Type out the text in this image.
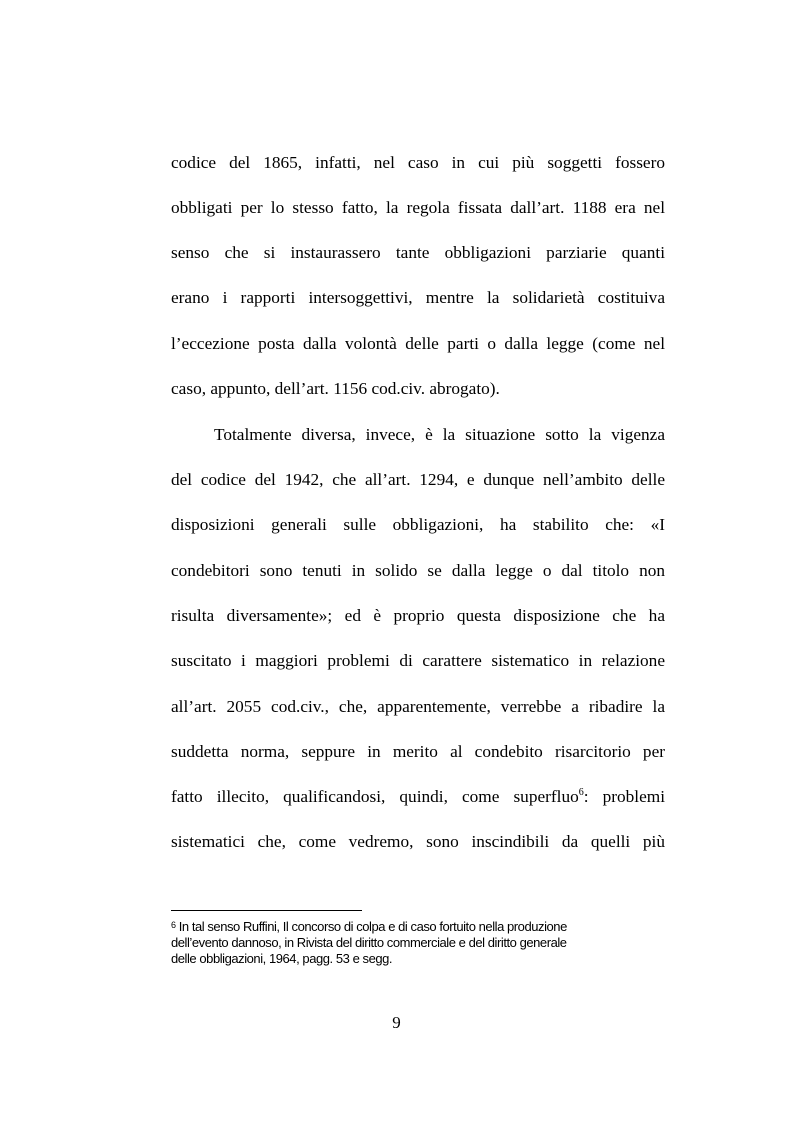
codice del 1865, infatti, nel caso in cui più soggetti fossero
obbligati per lo stesso fatto, la regola fissata dall’art. 1188 era nel
senso che si instaurassero tante obbligazioni parziarie quanti
erano i rapporti intersoggettivi, mentre la solidarietà costituiva
l’eccezione posta dalla volontà delle parti o dalla legge (come nel
caso, appunto, dell’art. 1156 cod.civ. abrogato).
Totalmente diversa, invece, è la situazione sotto la vigenza
del codice del 1942, che all’art. 1294, e dunque nell’ambito delle
disposizioni generali sulle obbligazioni, ha stabilito che: «I
condebitori sono tenuti in solido se dalla legge o dal titolo non
risulta diversamente»; ed è proprio questa disposizione che ha
suscitato i maggiori problemi di carattere sistematico in relazione
all’art. 2055 cod.civ., che, apparentemente, verrebbe a ribadire la
suddetta norma, seppure in merito al condebito risarcitorio per
fatto illecito, qualificandosi, quindi, come superfluo$^6$: problemi
sistematici che, come vedremo, sono inscindibili da quelli più
$^6$ In tal senso Ruffini, Il concorso di colpa e di caso fortuito nella produzione
dell’evento dannoso, in Rivista del diritto commerciale e del diritto generale
delle obbligazioni, 1964, pagg. 53 e segg.
9
